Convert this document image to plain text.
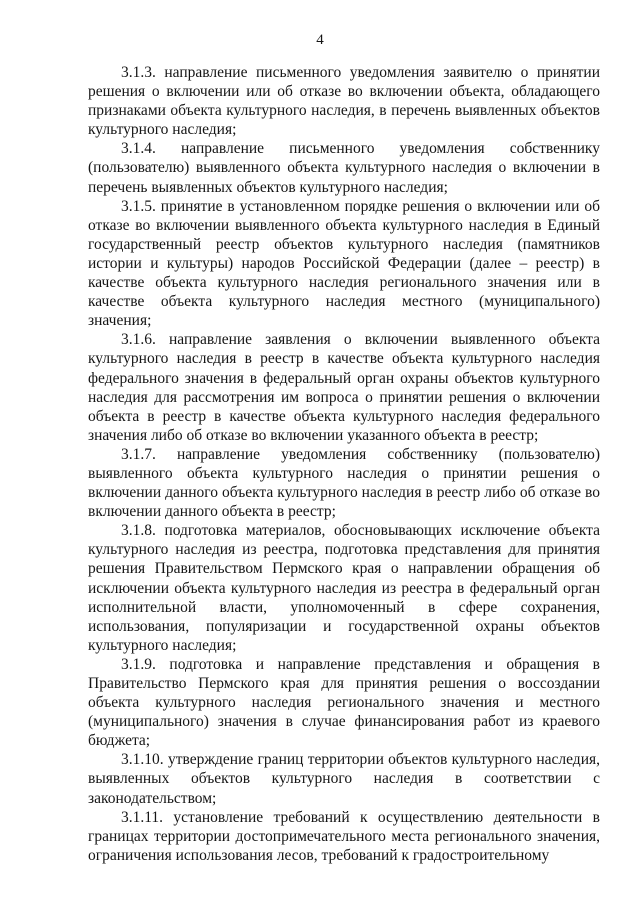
4

3.1.3. направление письменного уведомления заявителю о принятии решения о включении или об отказе во включении объекта, обладающего признаками объекта культурного наследия, в перечень выявленных объектов культурного наследия;

3.1.4. направление письменного уведомления собственнику (пользователю) выявленного объекта культурного наследия о включении в перечень выявленных объектов культурного наследия;

3.1.5. принятие в установленном порядке решения о включении или об отказе во включении выявленного объекта культурного наследия в Единый государственный реестр объектов культурного наследия (памятников истории и культуры) народов Российской Федерации (далее – реестр) в качестве объекта культурного наследия регионального значения или в качестве объекта культурного наследия местного (муниципального) значения;

3.1.6. направление заявления о включении выявленного объекта культурного наследия в реестр в качестве объекта культурного наследия федерального значения в федеральный орган охраны объектов культурного наследия для рассмотрения им вопроса о принятии решения о включении объекта в реестр в качестве объекта культурного наследия федерального значения либо об отказе во включении указанного объекта в реестр;

3.1.7. направление уведомления собственнику (пользователю) выявленного объекта культурного наследия о принятии решения о включении данного объекта культурного наследия в реестр либо об отказе во включении данного объекта в реестр;

3.1.8. подготовка материалов, обосновывающих исключение объекта культурного наследия из реестра, подготовка представления для принятия решения Правительством Пермского края о направлении обращения об исключении объекта культурного наследия из реестра в федеральный орган исполнительной власти, уполномоченный в сфере сохранения, использования, популяризации и государственной охраны объектов культурного наследия;

3.1.9. подготовка и направление представления и обращения в Правительство Пермского края для принятия решения о воссоздании объекта культурного наследия регионального значения и местного (муниципального) значения в случае финансирования работ из краевого бюджета;

3.1.10. утверждение границ территории объектов культурного наследия, выявленных объектов культурного наследия в соответствии с законодательством;

3.1.11. установление требований к осуществлению деятельности в границах территории достопримечательного места регионального значения, ограничения использования лесов, требований к градостроительному
